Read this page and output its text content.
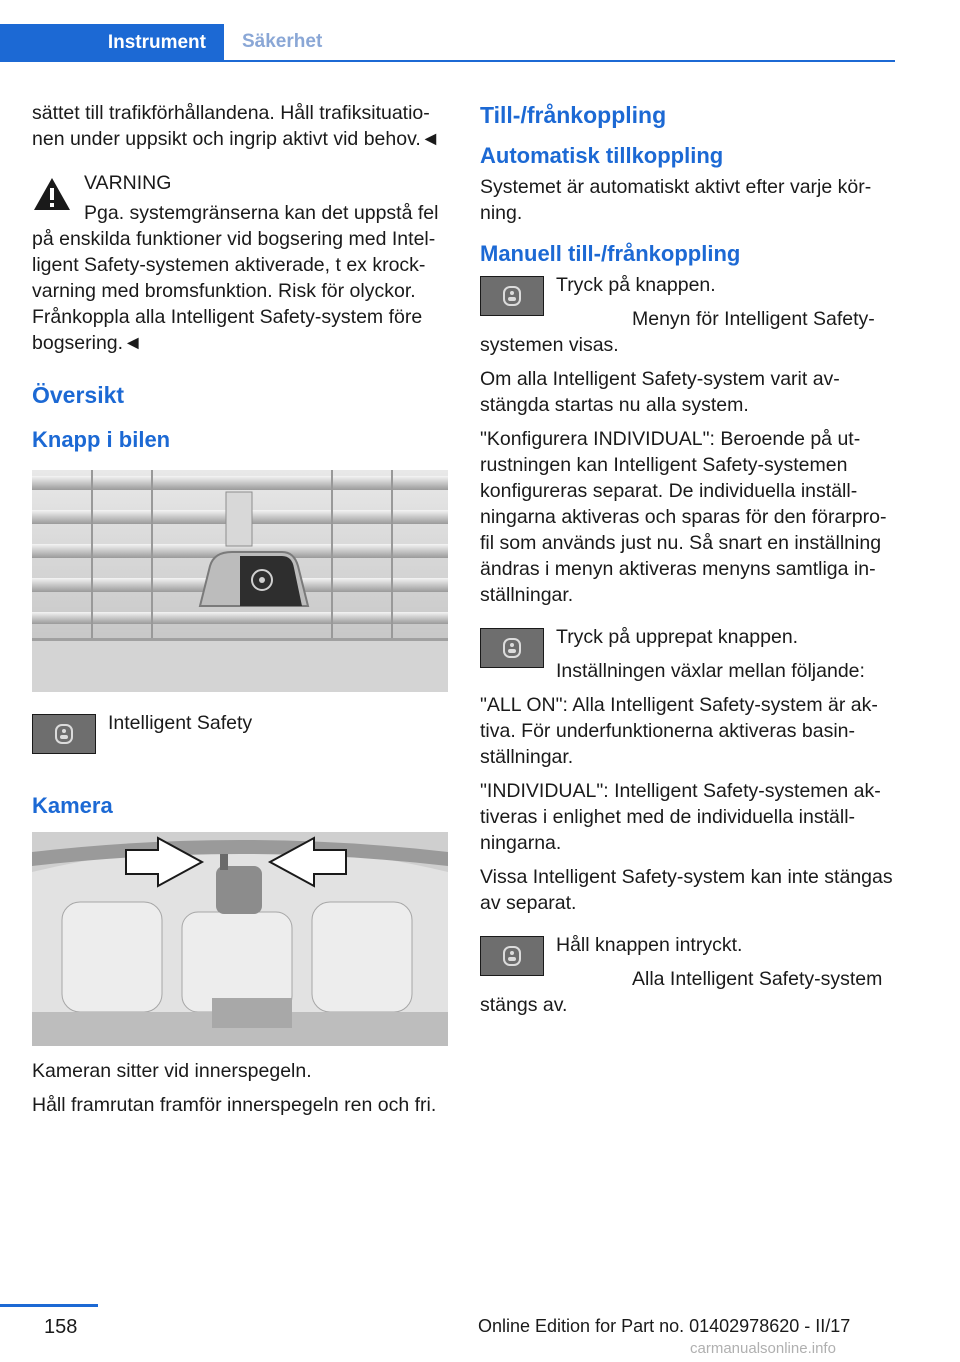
Instrument	Säkerhet

sättet till trafikförhållandena. Håll trafiksituatio-nen under uppsikt och ingrip aktivt vid behov.◄

VARNING

Pga. systemgränserna kan det uppstå fel på enskilda funktioner vid bogsering med Intel-ligent Safety-systemen aktiverade, t ex krock-varning med bromsfunktion. Risk för olyckor. Frånkoppla alla Intelligent Safety-system före bogsering.◄

Översikt
Knapp i bilen

Intelligent Safety

Kamera

Kameran sitter vid innerspegeln.

Håll framrutan framför innerspegeln ren och fri.

Till-/frånkoppling
Automatisk tillkoppling

Systemet är automatiskt aktivt efter varje kör-ning.

Manuell till-/frånkoppling

Tryck på knappen.

Menyn för Intelligent Safety-systemen visas.

Om alla Intelligent Safety-system varit av-stängda startas nu alla system.

"Konfigurera INDIVIDUAL": Beroende på ut-rustningen kan Intelligent Safety-systemen konfigureras separat. De individuella inställ-ningarna aktiveras och sparas för den förarpro-fil som används just nu. Så snart en inställning ändras i menyn aktiveras menyns samtliga in-ställningar.

Tryck på upprepat knappen.

Inställningen växlar mellan följande:

"ALL ON": Alla Intelligent Safety-system är ak-tiva. För underfunktionerna aktiveras basin-ställningar.

"INDIVIDUAL": Intelligent Safety-systemen ak-tiveras i enlighet med de individuella inställ-ningarna.

Vissa Intelligent Safety-system kan inte stängas av separat.

Håll knappen intryckt.

Alla Intelligent Safety-system stängs av.

158	Online Edition for Part no. 01402978620 - II/17
carmanualsonline.info
